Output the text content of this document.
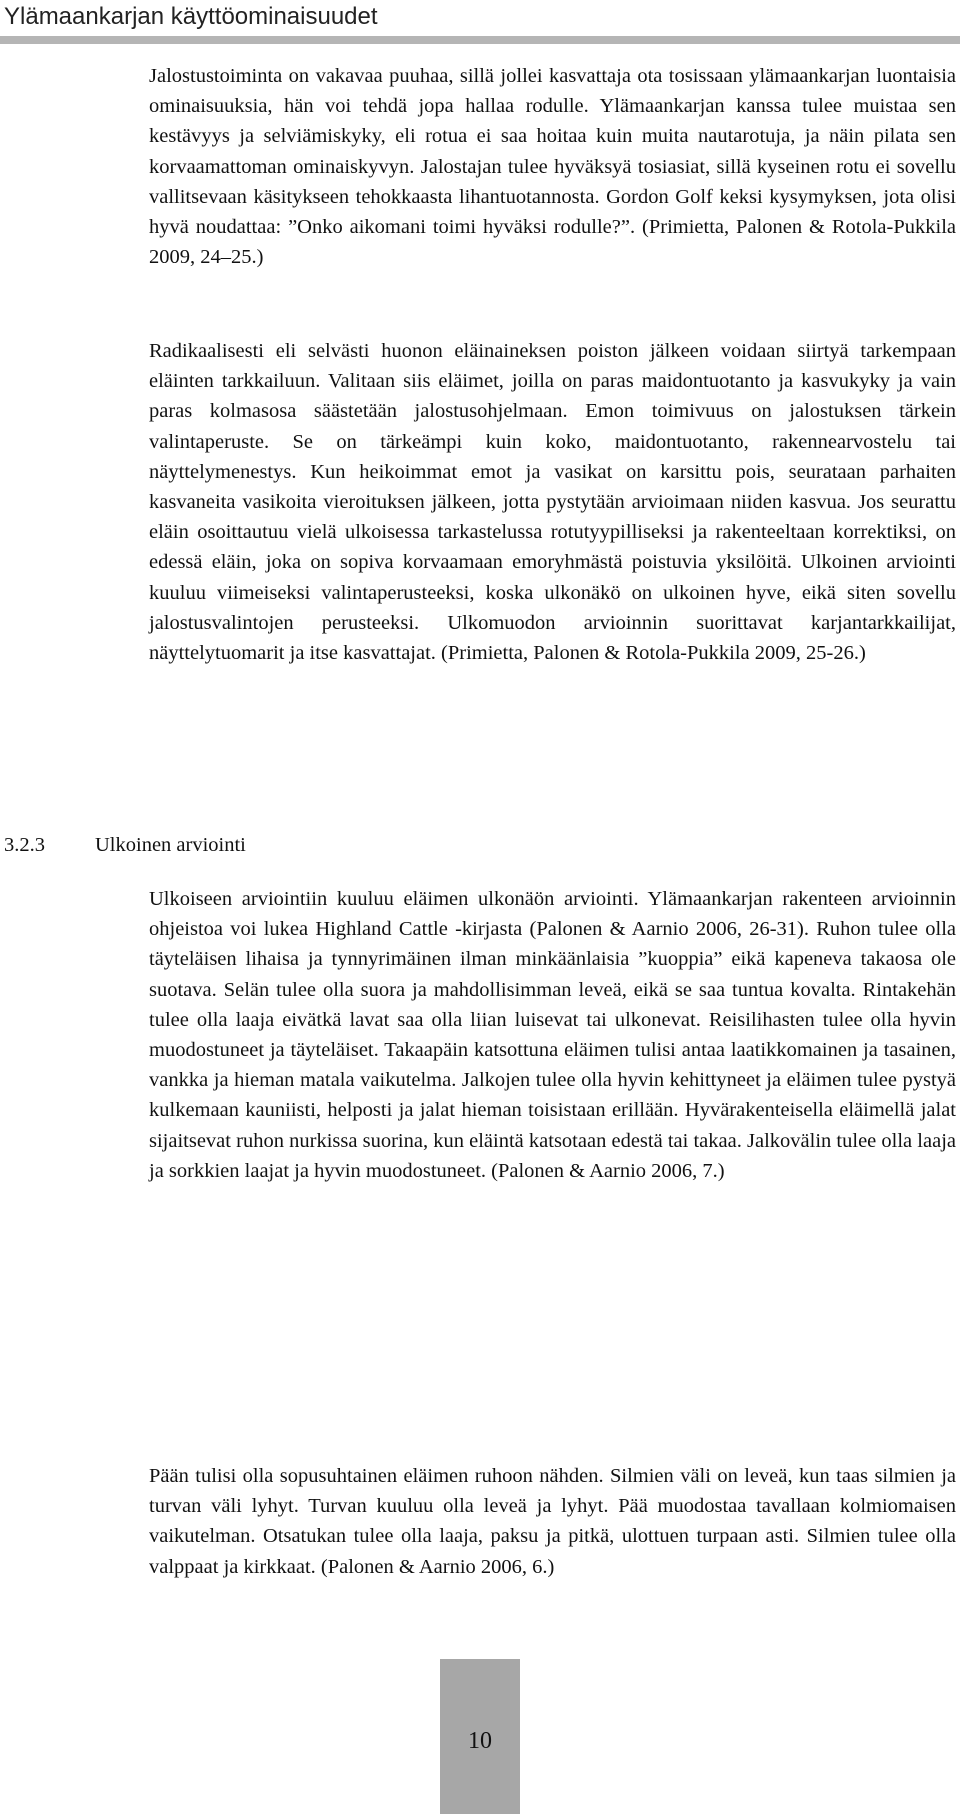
Ylämaankarjan käyttöominaisuudet

Jalostustoiminta on vakavaa puuhaa, sillä jollei kasvattaja ota tosissaan ylämaankarjan luontaisia ominaisuuksia, hän voi tehdä jopa hallaa rodulle. Ylämaankarjan kanssa tulee muistaa sen kestävyys ja selviämiskyky, eli rotua ei saa hoitaa kuin muita nautarotuja, ja näin pilata sen korvaamattoman ominaiskyvyn. Jalostajan tulee hyväksyä tosiasiat, sillä kyseinen rotu ei sovellu vallitsevaan käsitykseen tehokkaasta lihantuotannosta. Gordon Golf keksi kysymyksen, jota olisi hyvä noudattaa: ”Onko aikomani toimi hyväksi rodulle?”. (Primietta, Palonen & Rotola-Pukkila 2009, 24–25.)

Radikaalisesti eli selvästi huonon eläinaineksen poiston jälkeen voidaan siirtyä tarkempaan eläinten tarkkailuun. Valitaan siis eläimet, joilla on paras maidontuotanto ja kasvukyky ja vain paras kolmasosa säästetään jalostusohjelmaan. Emon toimivuus on jalostuksen tärkein valintaperuste. Se on tärkeämpi kuin koko, maidontuotanto, rakennearvostelu tai näyttelymenestys. Kun heikoimmat emot ja vasikat on karsittu pois, seurataan parhaiten kasvaneita vasikoita vieroituksen jälkeen, jotta pystytään arvioimaan niiden kasvua. Jos seurattu eläin osoittautuu vielä ulkoisessa tarkastelussa rotutyypilliseksi ja rakenteeltaan korrektiksi, on edessä eläin, joka on sopiva korvaamaan emoryhmästä poistuvia yksilöitä. Ulkoinen arviointi kuuluu viimeiseksi valintaperusteeksi, koska ulkonäkö on ulkoinen hyve, eikä siten sovellu jalostusvalintojen perusteeksi. Ulkomuodon arvioinnin suorittavat karjantarkkailijat, näyttelytuomarit ja itse kasvattajat. (Primietta, Palonen & Rotola-Pukkila 2009, 25-26.)

3.2.3 Ulkoinen arviointi

Ulkoiseen arviointiin kuuluu eläimen ulkonäön arviointi. Ylämaankarjan rakenteen arvioinnin ohjeistoa voi lukea Highland Cattle -kirjasta (Palonen & Aarnio 2006, 26-31). Ruhon tulee olla täyteläisen lihaisa ja tynnyrimäinen ilman minkäänlaisia ”kuoppia” eikä kapeneva takaosa ole suotava. Selän tulee olla suora ja mahdollisimman leveä, eikä se saa tuntua kovalta. Rintakehän tulee olla laaja eivätkä lavat saa olla liian luisevat tai ulkonevat. Reisilihasten tulee olla hyvin muodostuneet ja täyteläiset. Takaapäin katsottuna eläimen tulisi antaa laatikkomainen ja tasainen, vankka ja hieman matala vaikutelma. Jalkojen tulee olla hyvin kehittyneet ja eläimen tulee pystyä kulkemaan kauniisti, helposti ja jalat hieman toisistaan erillään. Hyvärakenteisella eläimellä jalat sijaitsevat ruhon nurkissa suorina, kun eläintä katsotaan edestä tai takaa. Jalkovälin tulee olla laaja ja sorkkien laajat ja hyvin muodostuneet. (Palonen & Aarnio 2006, 7.)

Pään tulisi olla sopusuhtainen eläimen ruhoon nähden. Silmien väli on leveä, kun taas silmien ja turvan väli lyhyt. Turvan kuuluu olla leveä ja lyhyt. Pää muodostaa tavallaan kolmiomaisen vaikutelman. Otsatukan tulee olla laaja, paksu ja pitkä, ulottuen turpaan asti. Silmien tulee olla valppaat ja kirkkaat. (Palonen & Aarnio 2006, 6.)

10
